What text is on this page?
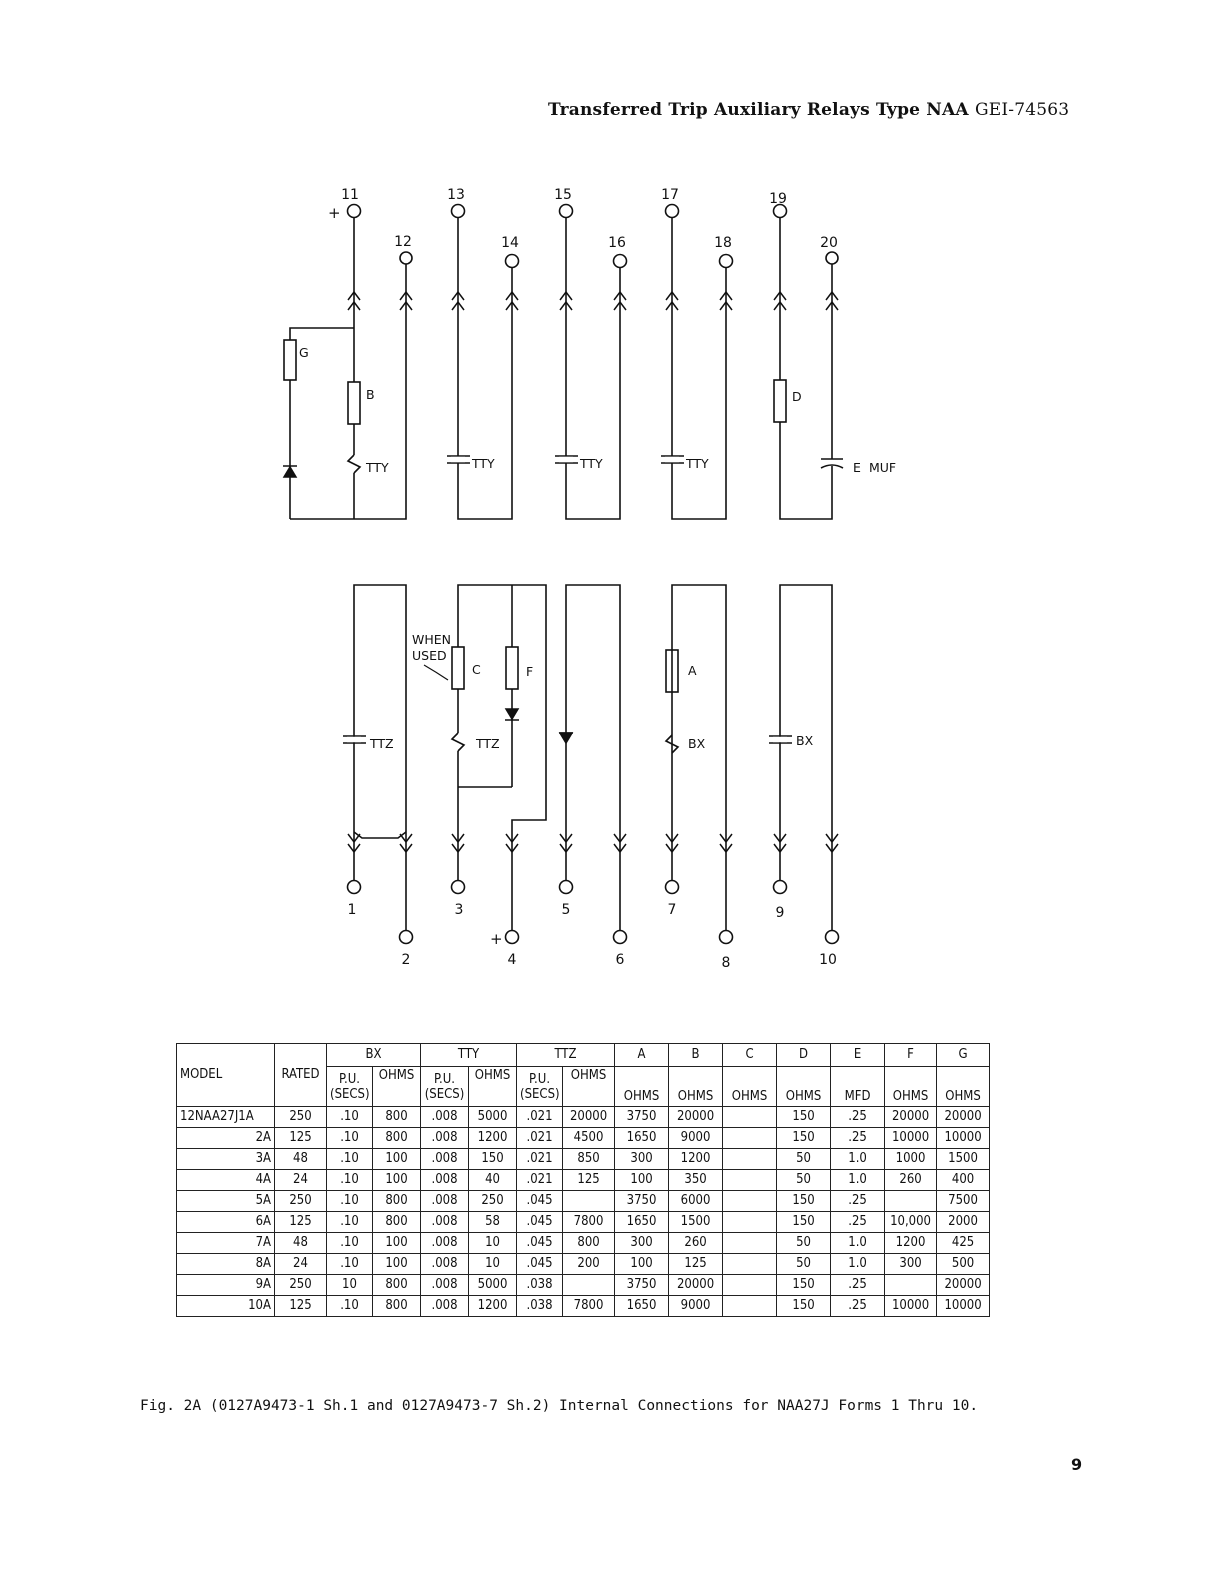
Transferred Trip Auxiliary Relays Type NAA GEI-74563
11
12
13
14
15
16
17
18
19
20
1
2
3
4
5
6
7
8
9
10
+
+
G
B
TTY	TTY	TTY	TTY
D
E MUF
WHEN
USED
C	F	A
TTZ	TTZ	BX	BX
MODEL	RATED	BX		TTY		TTZ		A	B	C	D	E	F	G
		P.U.
(SECS)	OHMS	P.U.
(SECS)	OHMS	P.U.
(SECS)	OHMS	OHMS	OHMS	OHMS	OHMS	MFD	OHMS	OHMS
12NAA27J1A	250	.10	800	.008	5000	.021	20000	3750	20000		150	.25	20000	20000
2A	125	.10	800	.008	1200	.021	4500	1650	9000		150	.25	10000	10000
3A	48	.10	100	.008	150	.021	850	300	1200		50	1.0	1000	1500
4A	24	.10	100	.008	40	.021	125	100	350		50	1.0	260	400
5A	250	.10	800	.008	250	.045		3750	6000		150	.25		7500
6A	125	.10	800	.008	58	.045	7800	1650	1500		150	.25	10,000	2000
7A	48	.10	100	.008	10	.045	800	300	260		50	1.0	1200	425
8A	24	.10	100	.008	10	.045	200	100	125		50	1.0	300	500
9A	250	10	800	.008	5000	.038		3750	20000		150	.25		20000
10A	125	.10	800	.008	1200	.038	7800	1650	9000		150	.25	10000	10000
Fig. 2A (0127A9473-1 Sh.1 and 0127A9473-7 Sh.2) Internal Connections for NAA27J Forms 1 Thru 10.
9
